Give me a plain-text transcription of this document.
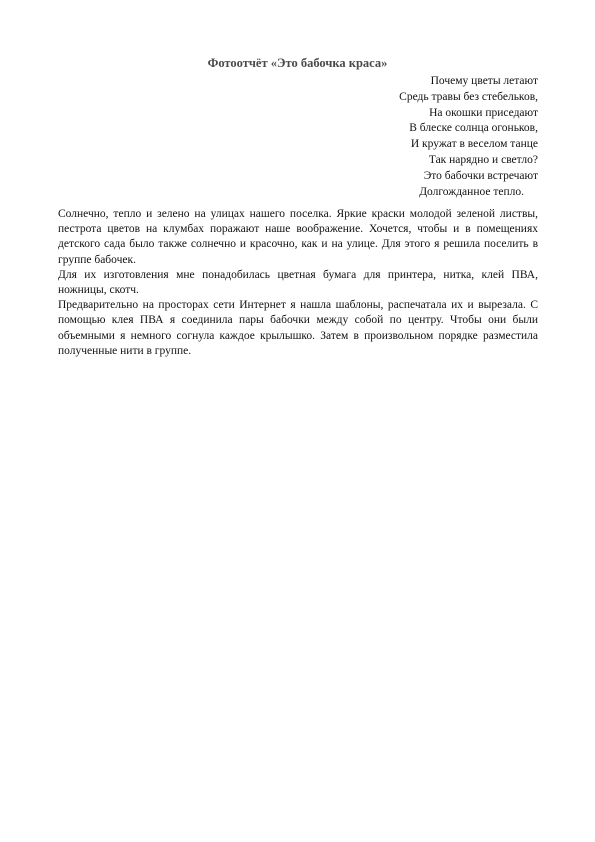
Фотоотчёт «Это бабочка краса»
Почему цветы летают
Средь травы без стебельков,
На окошки приседают
В блеске солнца огоньков,
И кружат в веселом танце
Так нарядно и светло?
Это бабочки встречают
Долгожданное тепло.

Солнечно, тепло и зелено на улицах нашего поселка. Яркие краски молодой зеленой листвы, пестрота цветов на клумбах поражают наше воображение. Хочется, чтобы и в помещениях детского сада было также солнечно и красочно, как и на улице. Для этого я решила поселить в группе бабочек.

Для их изготовления мне понадобилась цветная бумага для принтера, нитка, клей ПВА, ножницы, скотч.

Предварительно на просторах сети Интернет я нашла шаблоны, распечатала их и вырезала. С помощью клея ПВА я соединила пары бабочки между собой по центру. Чтобы они были объемными я немного согнула каждое крылышко. Затем в произвольном порядке разместила полученные нити в группе.
